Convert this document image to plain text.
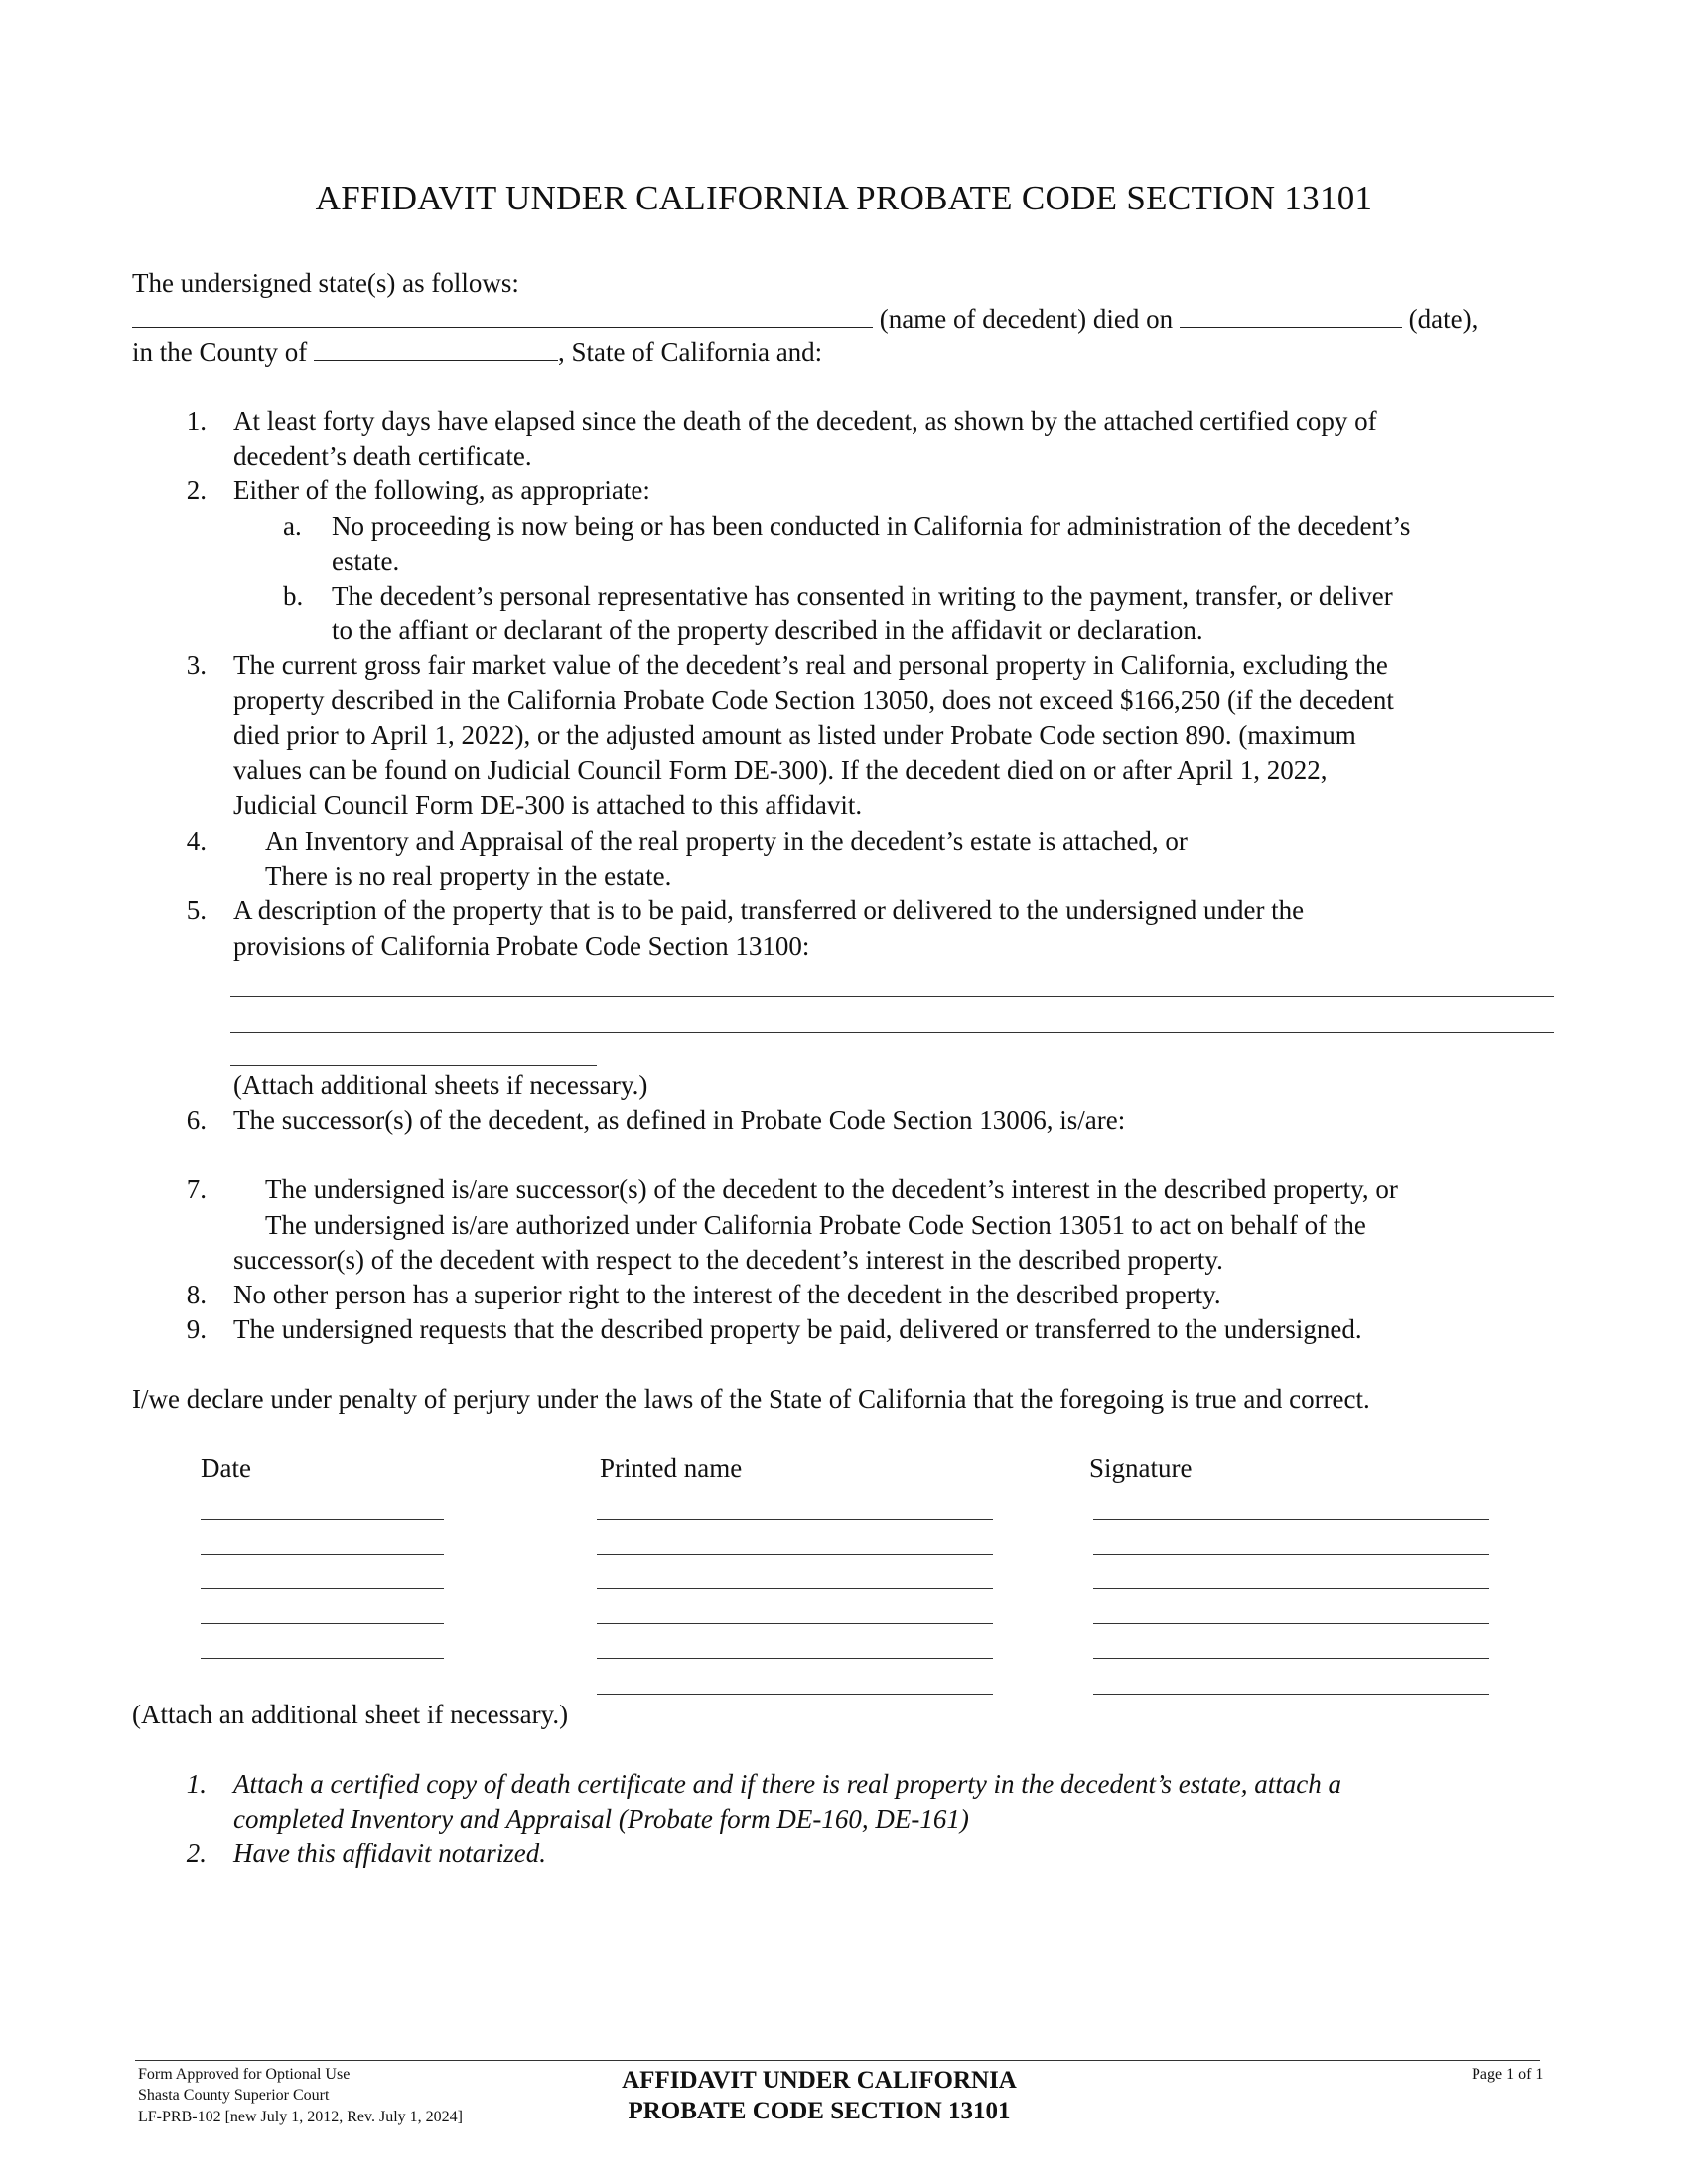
AFFIDAVIT UNDER CALIFORNIA PROBATE CODE SECTION 13101
The undersigned state(s) as follows:
(name of decedent) died on	(date),
in the County of	, State of California and:
1. At least forty days have elapsed since the death of the decedent, as shown by the attached certified copy of
decedent’s death certificate.
2. Either of the following, as appropriate:
a. No proceeding is now being or has been conducted in California for administration of the decedent’s
estate.
b. The decedent’s personal representative has consented in writing to the payment, transfer, or deliver
to the affiant or declarant of the property described in the affidavit or declaration.
3. The current gross fair market value of the decedent’s real and personal property in California, excluding the
property described in the California Probate Code Section 13050, does not exceed $166,250 (if the decedent
died prior to April 1, 2022), or the adjusted amount as listed under Probate Code section 890. (maximum
values can be found on Judicial Council Form DE-300). If the decedent died on or after April 1, 2022,
Judicial Council Form DE-300 is attached to this affidavit.
4. An Inventory and Appraisal of the real property in the decedent’s estate is attached, or
There is no real property in the estate.
5. A description of the property that is to be paid, transferred or delivered to the undersigned under the
provisions of California Probate Code Section 13100:
(Attach additional sheets if necessary.)
6. The successor(s) of the decedent, as defined in Probate Code Section 13006, is/are:
7. The undersigned is/are successor(s) of the decedent to the decedent’s interest in the described property, or
The undersigned is/are authorized under California Probate Code Section 13051 to act on behalf of the
successor(s) of the decedent with respect to the decedent’s interest in the described property.
8. No other person has a superior right to the interest of the decedent in the described property.
9. The undersigned requests that the described property be paid, delivered or transferred to the undersigned.
I/we declare under penalty of perjury under the laws of the State of California that the foregoing is true and correct.
Date	Printed name	Signature
(Attach an additional sheet if necessary.)
1. Attach a certified copy of death certificate and if there is real property in the decedent’s estate, attach a
completed Inventory and Appraisal (Probate form DE-160, DE-161)
2. Have this affidavit notarized.
Form Approved for Optional Use
Shasta County Superior Court
LF-PRB-102 [new July 1, 2012, Rev. July 1, 2024]
AFFIDAVIT UNDER CALIFORNIA
PROBATE CODE SECTION 13101
Page 1 of 1
